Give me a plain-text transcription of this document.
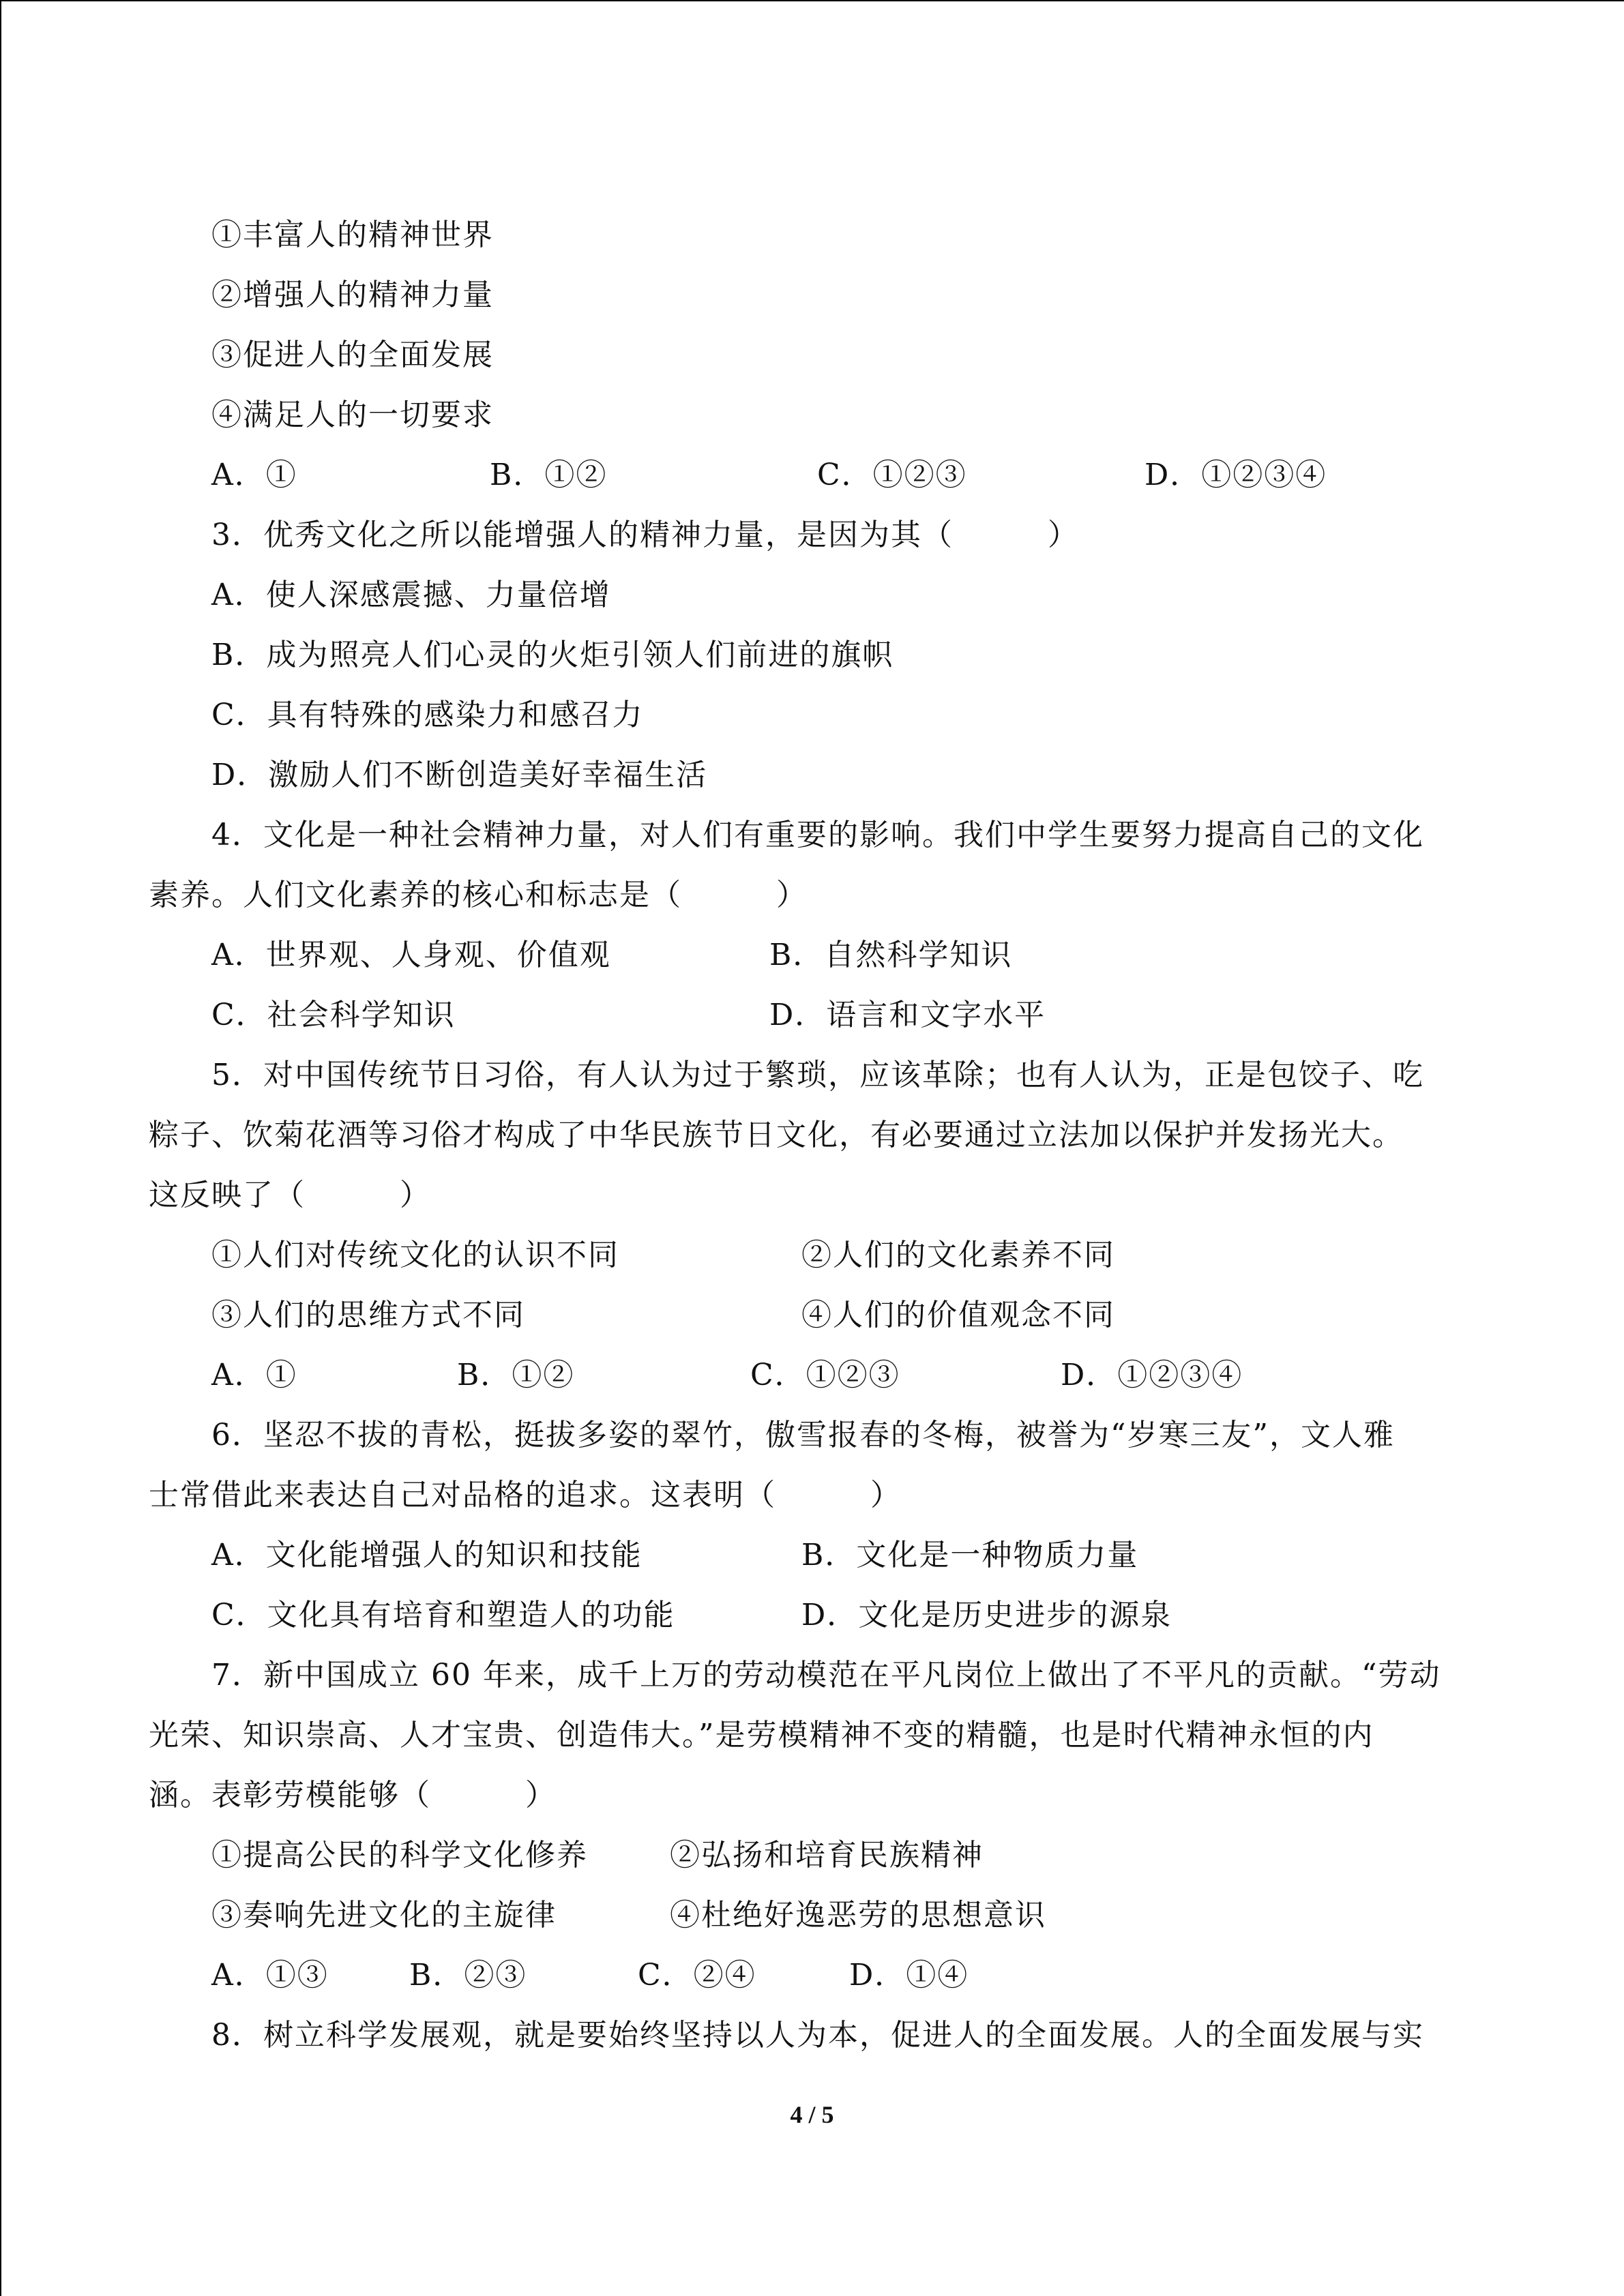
①丰富人的精神世界
②增强人的精神力量
③促进人的全面发展
④满足人的一切要求
A．①	B．①②	C．①②③	D．①②③④
3．优秀文化之所以能增强人的精神力量，是因为其（　　　）
A．使人深感震撼、力量倍增
B．成为照亮人们心灵的火炬引领人们前进的旗帜
C．具有特殊的感染力和感召力
D．激励人们不断创造美好幸福生活
4．文化是一种社会精神力量，对人们有重要的影响。我们中学生要努力提高自己的文化
素养。人们文化素养的核心和标志是（　　　）
A．世界观、人身观、价值观	B．自然科学知识
C．社会科学知识	D．语言和文字水平
5．对中国传统节日习俗，有人认为过于繁琐，应该革除；也有人认为，正是包饺子、吃
粽子、饮菊花酒等习俗才构成了中华民族节日文化，有必要通过立法加以保护并发扬光大。
这反映了（　　　）
①人们对传统文化的认识不同	②人们的文化素养不同
③人们的思维方式不同	④人们的价值观念不同
A．①	B．①②	C．①②③	D．①②③④
6．坚忍不拔的青松，挺拔多姿的翠竹，傲雪报春的冬梅，被誉为“岁寒三友”，文人雅
士常借此来表达自己对品格的追求。这表明（　　　）
A．文化能增强人的知识和技能	B．文化是一种物质力量
C．文化具有培育和塑造人的功能	D．文化是历史进步的源泉
7．新中国成立 60 年来，成千上万的劳动模范在平凡岗位上做出了不平凡的贡献。“劳动
光荣、知识崇高、人才宝贵、创造伟大。”是劳模精神不变的精髓，也是时代精神永恒的内
涵。表彰劳模能够（　　　）
①提高公民的科学文化修养	②弘扬和培育民族精神
③奏响先进文化的主旋律	④杜绝好逸恶劳的思想意识
A．①③	B．②③	C．②④	D．①④
8．树立科学发展观，就是要始终坚持以人为本，促进人的全面发展。人的全面发展与实
4 / 5
